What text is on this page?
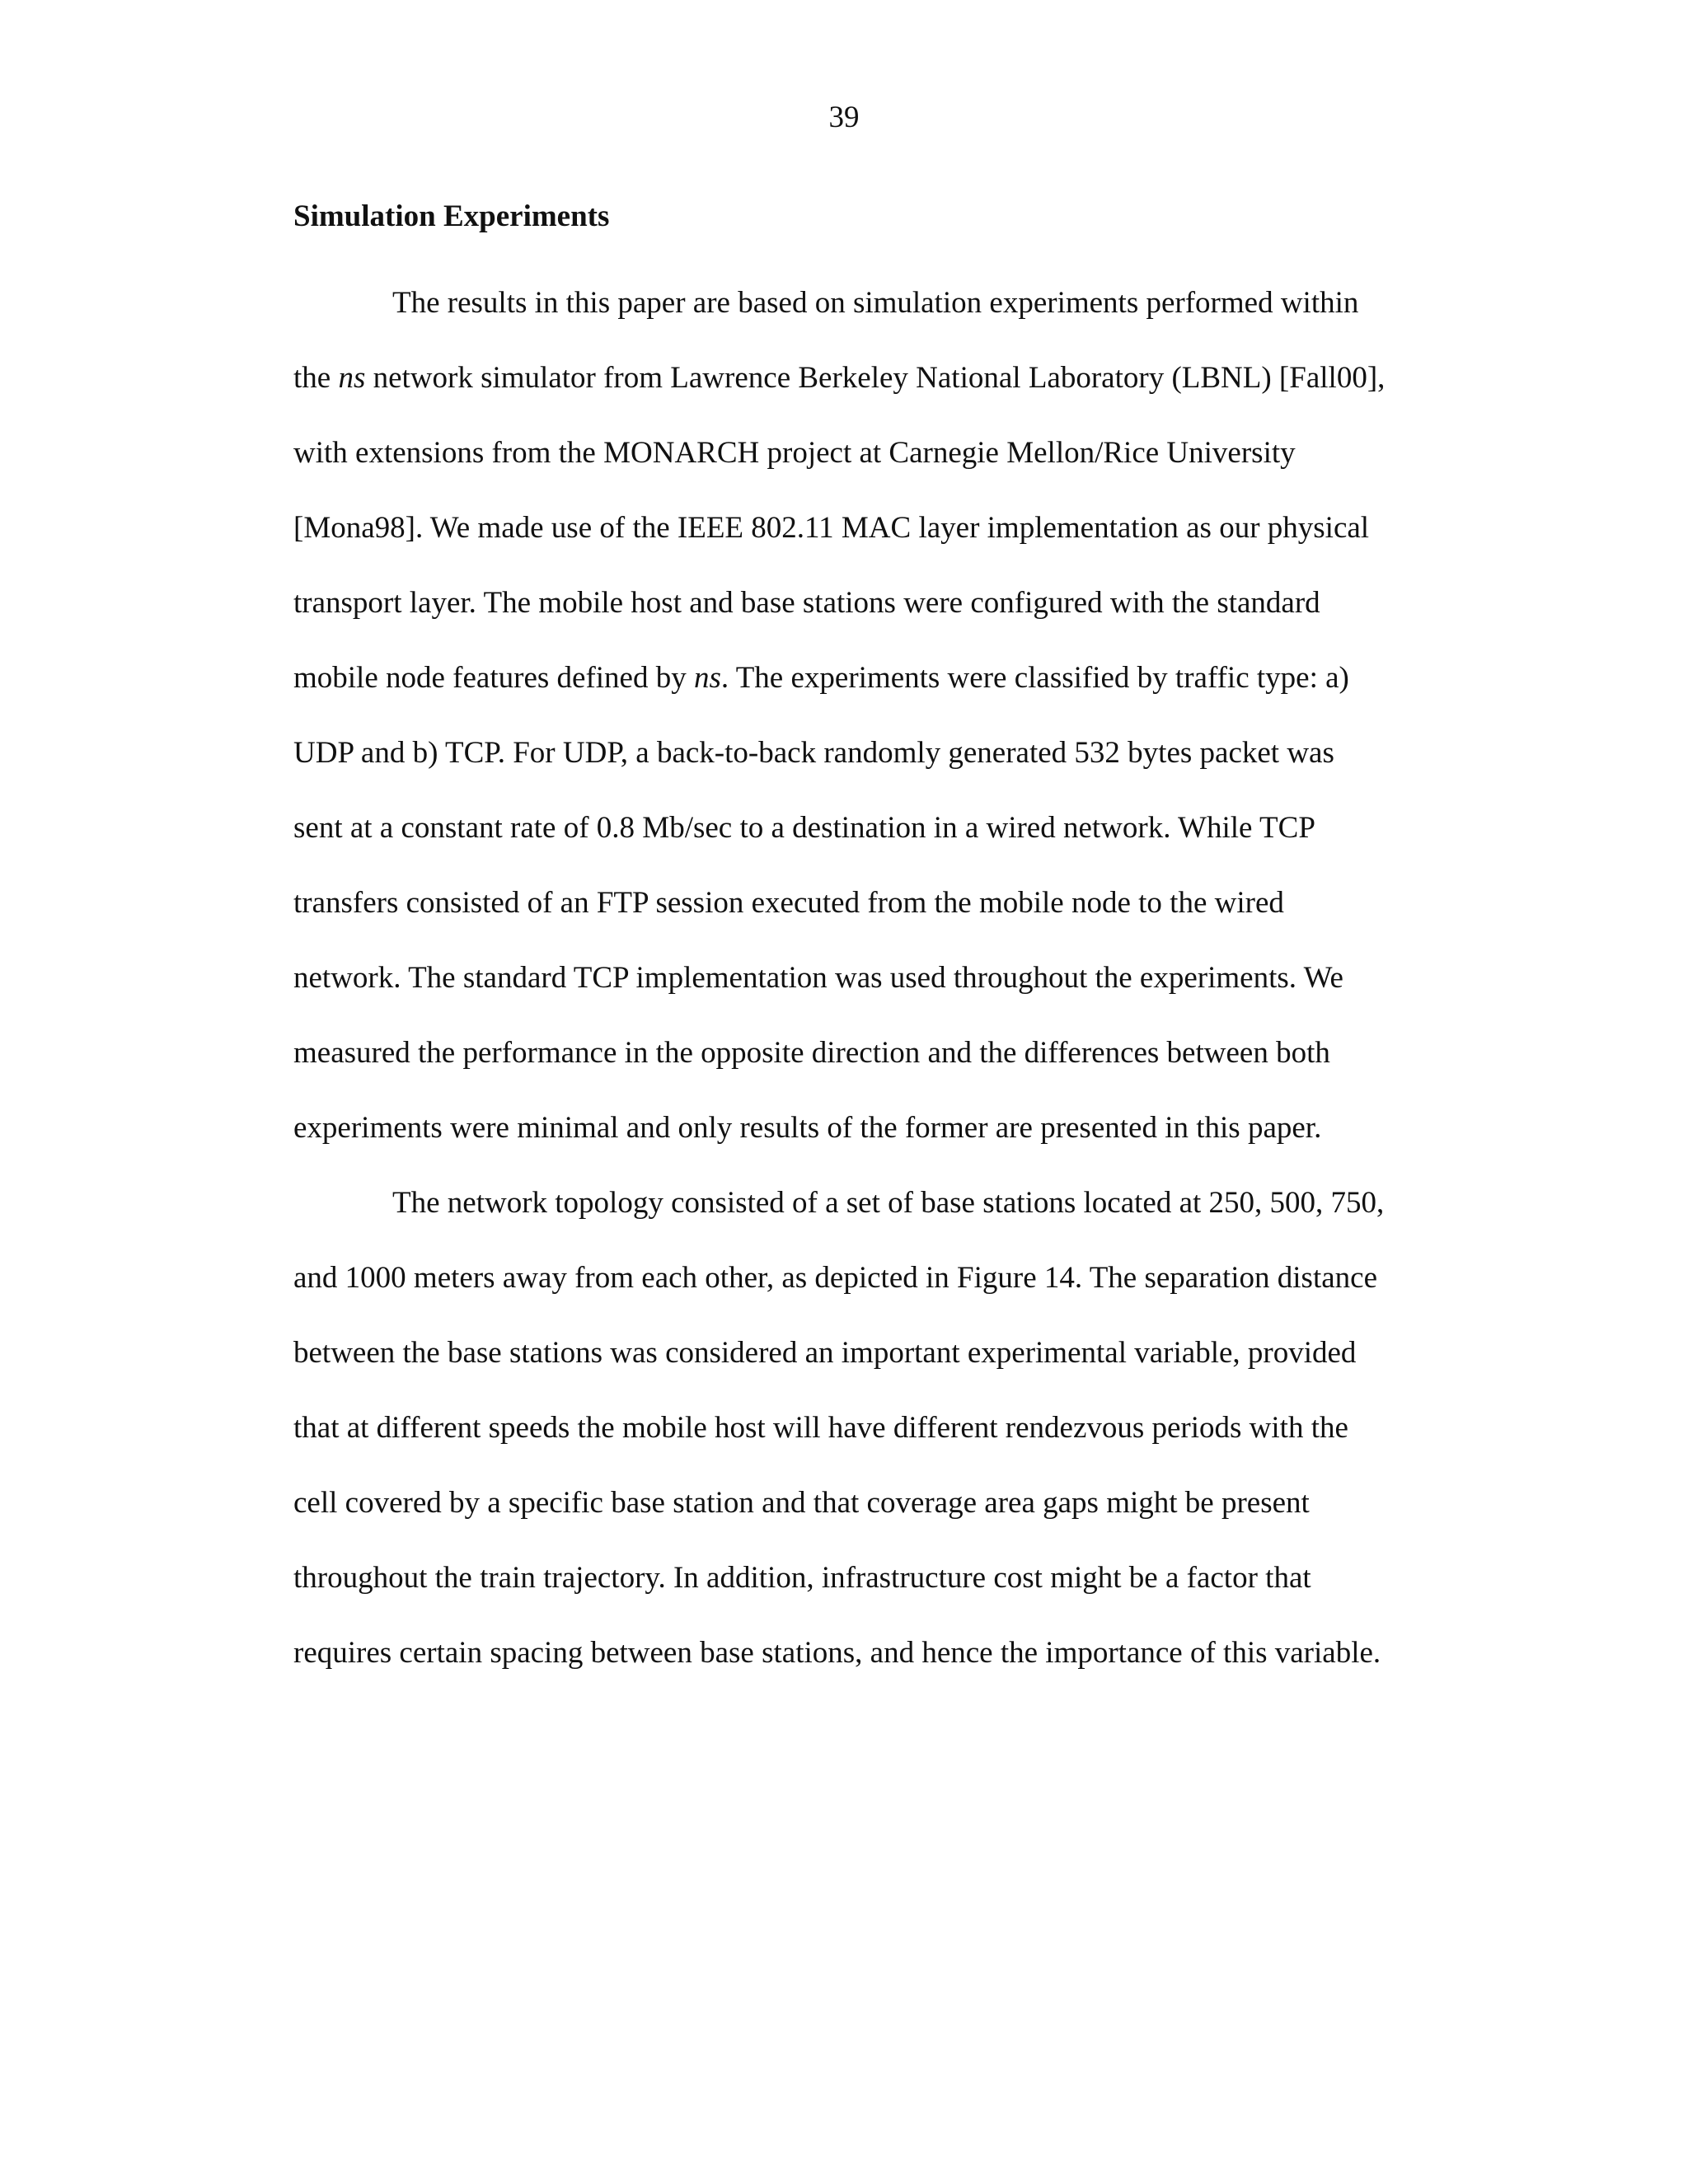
39
Simulation Experiments
The results in this paper are based on simulation experiments performed within
the ns network simulator from Lawrence Berkeley National Laboratory (LBNL) [Fall00],
with extensions from the MONARCH project at Carnegie Mellon/Rice University
[Mona98]. We made use of the IEEE 802.11 MAC layer implementation as our physical
transport layer. The mobile host and base stations were configured with the standard
mobile node features defined by ns. The experiments were classified by traffic type: a)
UDP and b) TCP. For UDP, a back-to-back randomly generated 532 bytes packet was
sent at a constant rate of 0.8 Mb/sec to a destination in a wired network. While TCP
transfers consisted of an FTP session executed from the mobile node to the wired
network. The standard TCP implementation was used throughout the experiments. We
measured the performance in the opposite direction and the differences between both
experiments were minimal and only results of the former are presented in this paper.
The network topology consisted of a set of base stations located at 250, 500, 750,
and 1000 meters away from each other, as depicted in Figure 14. The separation distance
between the base stations was considered an important experimental variable, provided
that at different speeds the mobile host will have different rendezvous periods with the
cell covered by a specific base station and that coverage area gaps might be present
throughout the train trajectory. In addition, infrastructure cost might be a factor that
requires certain spacing between base stations, and hence the importance of this variable.
